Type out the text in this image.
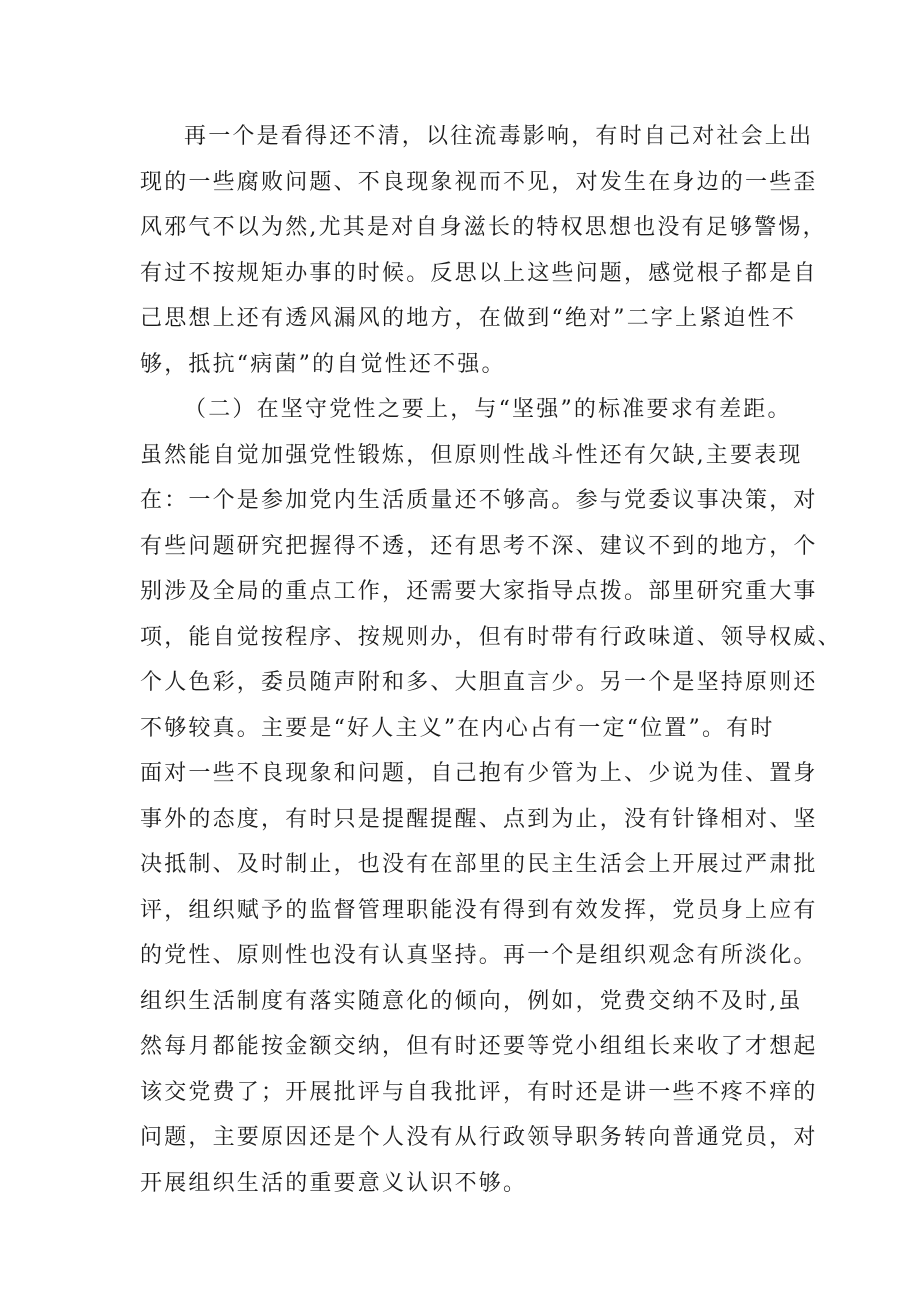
再一个是看得还不清，以往流毒影响，有时自己对社会上出
现的一些腐败问题、不良现象视而不见，对发生在身边的一些歪
风邪气不以为然,尤其是对自身滋长的特权思想也没有足够警惕，
有过不按规矩办事的时候。反思以上这些问题，感觉根子都是自
己思想上还有透风漏风的地方，在做到“绝对”二字上紧迫性不
够，抵抗“病菌”的自觉性还不强。
（二）在坚守党性之要上，与“坚强”的标准要求有差距。
虽然能自觉加强党性锻炼，但原则性战斗性还有欠缺,主要表现
在：一个是参加党内生活质量还不够高。参与党委议事决策，对
有些问题研究把握得不透，还有思考不深、建议不到的地方，个
别涉及全局的重点工作，还需要大家指导点拨。部里研究重大事
项，能自觉按程序、按规则办，但有时带有行政味道、领导权威、
个人色彩，委员随声附和多、大胆直言少。另一个是坚持原则还
不够较真。主要是“好人主义”在内心占有一定“位置”。有时
面对一些不良现象和问题，自己抱有少管为上、少说为佳、置身
事外的态度，有时只是提醒提醒、点到为止，没有针锋相对、坚
决抵制、及时制止，也没有在部里的民主生活会上开展过严肃批
评，组织赋予的监督管理职能没有得到有效发挥，党员身上应有
的党性、原则性也没有认真坚持。再一个是组织观念有所淡化。
组织生活制度有落实随意化的倾向，例如，党费交纳不及时,虽
然每月都能按金额交纳，但有时还要等党小组组长来收了才想起
该交党费了；开展批评与自我批评，有时还是讲一些不疼不痒的
问题，主要原因还是个人没有从行政领导职务转向普通党员，对
开展组织生活的重要意义认识不够。
